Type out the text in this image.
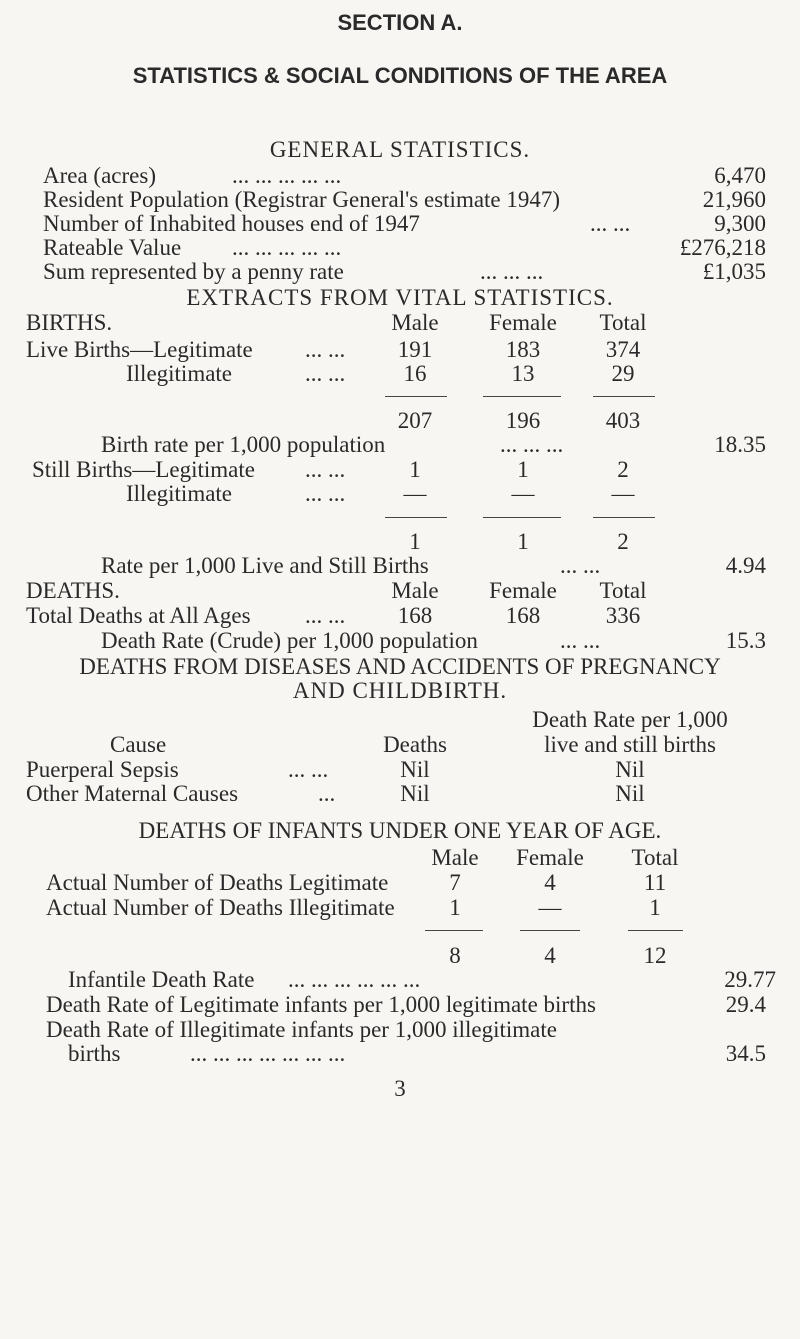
SECTION A.
STATISTICS & SOCIAL CONDITIONS OF THE AREA
GENERAL STATISTICS.
Area (acres)	... ... ... ... ...	6,470
Resident Population (Registrar General's estimate 1947)	21,960
Number of Inhabited houses end of 1947	... ...	9,300
Rateable Value ... ... ... ... ...	£276,218
Sum represented by a penny rate	... ... ...	£1,035
EXTRACTS FROM VITAL STATISTICS.
BIRTHS.	Male	Female	Total
Live Births—Legitimate ... ...	191	183	374
Illegitimate	... ...	16	13	29
207	196	403
Birth rate per 1,000 population	... ... ...	18.35
Still Births—Legitimate ... ...	1	1	2
Illegitimate	... ...	—	—	—
1	1	2
Rate per 1,000 Live and Still Births	... ...	4.94
DEATHS.	Male	Female	Total
Total Deaths at All Ages ... ...	168	168	336
Death Rate (Crude) per 1,000 population	... ...	15.3
DEATHS FROM DISEASES AND ACCIDENTS OF PREGNANCY
AND CHILDBIRTH.
Death Rate per 1,000
Cause	Deaths	live and still births
Puerperal Sepsis	... ...	Nil	Nil
Other Maternal Causes	...	Nil	Nil
DEATHS OF INFANTS UNDER ONE YEAR OF AGE.
Male	Female	Total
Actual Number of Deaths Legitimate	7	4	11
Actual Number of Deaths Illegitimate	1	—	1
8	4	12
Infantile Death Rate ... ... ... ... ... ...	29.77
Death Rate of Legitimate infants per 1,000 legitimate births	29.4
Death Rate of Illegitimate infants per 1,000 illegitimate
births	... ... ... ... ... ... ...	34.5
3
